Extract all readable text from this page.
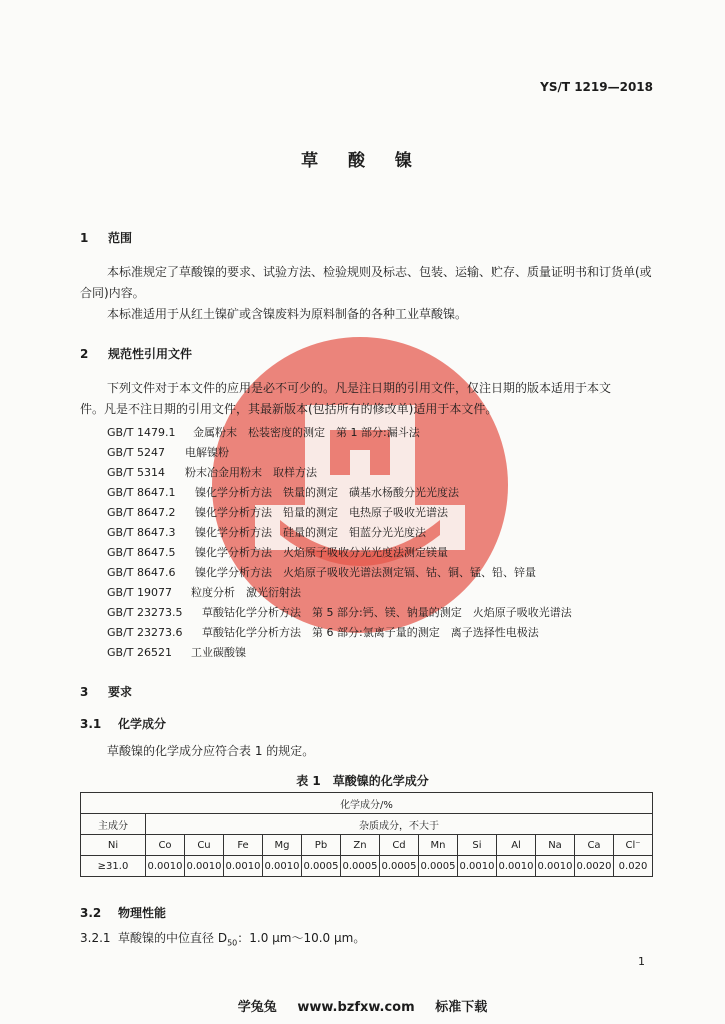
YS/T 1219—2018
草 酸 镍
1 范围
本标准规定了草酸镍的要求、试验方法、检验规则及标志、包装、运输、贮存、质量证明书和订货单(或
合同)内容。
本标准适用于从红土镍矿或含镍废料为原料制备的各种工业草酸镍。
2 规范性引用文件
下列文件对于本文件的应用是必不可少的。凡是注日期的引用文件，仅注日期的版本适用于本文
件。凡是不注日期的引用文件，其最新版本(包括所有的修改单)适用于本文件。
GB/T 1479.1 金属粉末　松装密度的测定　第 1 部分:漏斗法
GB/T 5247 电解镍粉
GB/T 5314 粉末冶金用粉末　取样方法
GB/T 8647.1 镍化学分析方法　铁量的测定　磺基水杨酸分光光度法
GB/T 8647.2 镍化学分析方法　铅量的测定　电热原子吸收光谱法
GB/T 8647.3 镍化学分析方法　硅量的测定　钼蓝分光光度法
GB/T 8647.5 镍化学分析方法　火焰原子吸收分光光度法测定镁量
GB/T 8647.6 镍化学分析方法　火焰原子吸收光谱法测定镉、钴、铜、锰、铅、锌量
GB/T 19077 粒度分析　激光衍射法
GB/T 23273.5 草酸钴化学分析方法　第 5 部分:钙、镁、钠量的测定　火焰原子吸收光谱法
GB/T 23273.6 草酸钴化学分析方法　第 6 部分:氯离子量的测定　离子选择性电极法
GB/T 26521 工业碳酸镍
3 要求
3.1 化学成分
草酸镍的化学成分应符合表 1 的规定。
表 1　草酸镍的化学成分
化学成分/%													
主成分	杂质成分，不大于												
Ni	Co	Cu	Fe	Mg	Pb	Zn	Cd	Mn	Si	Al	Na	Ca	Cl⁻
≥31.0	0.0010	0.0010	0.0010	0.0010	0.0005	0.0005	0.0005	0.0005	0.0010	0.0010	0.0010	0.0020	0.020
3.2 物理性能
3.2.1 草酸镍的中位直径 $D_{50}$：1.0 μm～10.0 μm。
1
学兔兔 www.bzfxw.com 标准下载
